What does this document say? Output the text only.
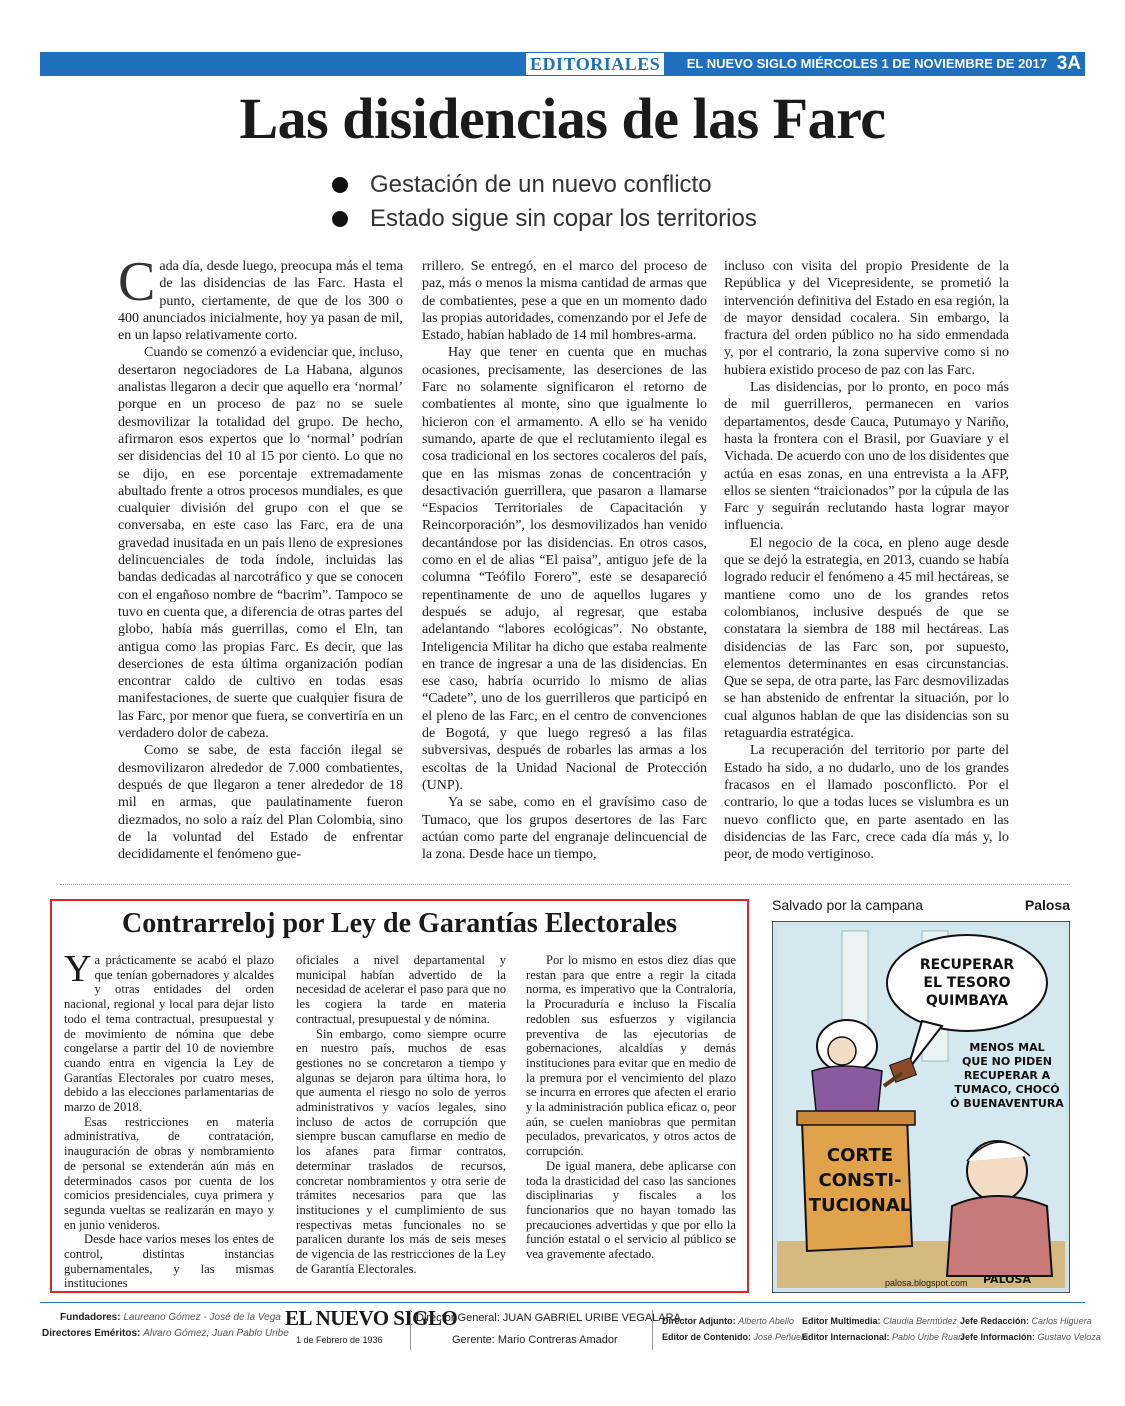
EDITORIALES	EL NUEVO SIGLO MIÉRCOLES 1 DE NOVIEMBRE DE 2017 3A
Las disidencias de las Farc
Gestación de un nuevo conflicto
Estado sigue sin copar los territorios

Cada día, desde luego, preocupa más el tema de las disidencias de las Farc. Hasta el punto, ciertamente, de que de los 300 o 400 anunciados inicialmente, hoy ya pasan de mil, en un lapso relativamente corto.

Cuando se comenzó a evidenciar que, incluso, desertaron negociadores de La Habana, algunos analistas llegaron a decir que aquello era ‘normal’ porque en un proceso de paz no se suele desmovilizar la totalidad del grupo. De hecho, afirmaron esos expertos que lo ‘normal’ podrían ser disidencias del 10 al 15 por ciento. Lo que no se dijo, en ese porcentaje extremadamente abultado frente a otros procesos mundiales, es que cualquier división del grupo con el que se conversaba, en este caso las Farc, era de una gravedad inusitada en un país lleno de expresiones delincuenciales de toda índole, incluidas las bandas dedicadas al narcotráfico y que se conocen con el engañoso nombre de “bacrim”. Tampoco se tuvo en cuenta que, a diferencia de otras partes del globo, había más guerrillas, como el Eln, tan antigua como las propias Farc. Es decir, que las deserciones de esta última organización podían encontrar caldo de cultivo en todas esas manifestaciones, de suerte que cualquier fisura de las Farc, por menor que fuera, se convertiría en un verdadero dolor de cabeza.

Como se sabe, de esta facción ilegal se desmovilizaron alrededor de 7.000 combatientes, después de que llegaron a tener alrededor de 18 mil en armas, que paulatinamente fueron diezmados, no solo a raíz del Plan Colombia, sino de la voluntad del Estado de enfrentar decididamente el fenómeno gue-

rrillero. Se entregó, en el marco del proceso de paz, más o menos la misma cantidad de armas que de combatientes, pese a que en un momento dado las propias autoridades, comenzando por el Jefe de Estado, habían hablado de 14 mil hombres-arma.

Hay que tener en cuenta que en muchas ocasiones, precisamente, las deserciones de las Farc no solamente significaron el retorno de combatientes al monte, sino que igualmente lo hicieron con el armamento. A ello se ha venido sumando, aparte de que el reclutamiento ilegal es cosa tradicional en los sectores cocaleros del país, que en las mismas zonas de concentración y desactivación guerrillera, que pasaron a llamarse “Espacios Territoriales de Capacitación y Reincorporación”, los desmovilizados han venido decantándose por las disidencias. En otros casos, como en el de alias “El paisa”, antiguo jefe de la columna “Teófilo Forero”, este se desapareció repentinamente de uno de aquellos lugares y después se adujo, al regresar, que estaba adelantando “labores ecológicas”. No obstante, Inteligencia Militar ha dicho que estaba realmente en trance de ingresar a una de las disidencias. En ese caso, habría ocurrido lo mismo de alias “Cadete”, uno de los guerrilleros que participó en el pleno de las Farc, en el centro de convenciones de Bogotá, y que luego regresó a las filas subversivas, después de robarles las armas a los escoltas de la Unidad Nacional de Protección (UNP).

Ya se sabe, como en el gravísimo caso de Tumaco, que los grupos desertores de las Farc actúan como parte del engranaje delincuencial de la zona. Desde hace un tiempo,

incluso con visita del propio Presidente de la República y del Vicepresidente, se prometió la intervención definitiva del Estado en esa región, la de mayor densidad cocalera. Sin embargo, la fractura del orden público no ha sido enmendada y, por el contrario, la zona supervive como si no hubiera existido proceso de paz con las Farc.

Las disidencias, por lo pronto, en poco más de mil guerrilleros, permanecen en varios departamentos, desde Cauca, Putumayo y Nariño, hasta la frontera con el Brasil, por Guaviare y el Vichada. De acuerdo con uno de los disidentes que actúa en esas zonas, en una entrevista a la AFP, ellos se sienten “traicionados” por la cúpula de las Farc y seguirán reclutando hasta lograr mayor influencia.

El negocio de la coca, en pleno auge desde que se dejó la estrategia, en 2013, cuando se había logrado reducir el fenómeno a 45 mil hectáreas, se mantiene como uno de los grandes retos colombianos, inclusive después de que se constatara la siembra de 188 mil hectáreas. Las disidencias de las Farc son, por supuesto, elementos determinantes en esas circunstancias. Que se sepa, de otra parte, las Farc desmovilizadas se han abstenido de enfrentar la situación, por lo cual algunos hablan de que las disidencias son su retaguardia estratégica.

La recuperación del territorio por parte del Estado ha sido, a no dudarlo, uno de los grandes fracasos en el llamado posconflicto. Por el contrario, lo que a todas luces se vislumbra es un nuevo conflicto que, en parte asentado en las disidencias de las Farc, crece cada día más y, lo peor, de modo vertiginoso.

Contrarreloj por Ley de Garantías Electorales

Ya prácticamente se acabó el plazo que tenían gobernadores y alcaldes y otras entidades del orden nacional, regional y local para dejar listo todo el tema contractual, presupuestal y de movimiento de nómina que debe congelarse a partir del 10 de noviembre cuando entra en vigencia la Ley de Garantías Electorales por cuatro meses, debido a las elecciones parlamentarias de marzo de 2018.

Esas restricciones en materia administrativa, de contratación, inauguración de obras y nombramiento de personal se extenderán aún más en determinados casos por cuenta de los comicios presidenciales, cuya primera y segunda vueltas se realizarán en mayo y en junio venideros.

Desde hace varios meses los entes de control, distintas instancias gubernamentales, y las mismas instituciones

oficiales a nivel departamental y municipal habían advertido de la necesidad de acelerar el paso para que no les cogiera la tarde en materia contractual, presupuestal y de nómina.

Sin embargo, como siempre ocurre en nuestro país, muchos de esas gestiones no se concretaron a tiempo y algunas se dejaron para última hora, lo que aumenta el riesgo no solo de yerros administrativos y vacíos legales, sino incluso de actos de corrupción que siempre buscan camuflarse en medio de los afanes para firmar contratos, determinar traslados de recursos, concretar nombramientos y otra serie de trámites necesarios para que las instituciones y el cumplimiento de sus respectivas metas funcionales no se paralicen durante los más de seis meses de vigencia de las restricciones de la Ley de Garantía Electorales.

Por lo mismo en estos diez días que restan para que entre a regir la citada norma, es imperativo que la Contraloría, la Procuraduría e incluso la Fiscalía redoblen sus esfuerzos y vigilancia preventiva de las ejecutorias de gobernaciones, alcaldías y demás instituciones para evitar que en medio de la premura por el vencimiento del plazo se incurra en errores que afecten el erario y la administración publica eficaz o, peor aún, se cuelen maniobras que permitan peculados, prevaricatos, y otros actos de corrupción.

De igual manera, debe aplicarse con toda la drasticidad del caso las sanciones disciplinarias y fiscales a los funcionarios que no hayan tomado las precauciones advertidas y que por ello la función estatal o el servicio al público se vea gravemente afectado.

Salvado por la campana	Palosa
RECUPERAR
EL TESORO
QUIMBAYA
MENOS MAL
QUE NO PIDEN
RECUPERAR A
TUMACO, CHOCÓ
Ó BUENAVENTURA
CORTE
CONSTI-
TUCIONAL
PALOSA
palosa.blogspot.com
Fundadores: Laureano Gómez - José de la Vega
Directores Eméritos: Alvaro Gómez; Juan Pablo Uribe
EL NUEVO SIGLO
1 de Febrero de 1936
Director General: JUAN GABRIEL URIBE VEGALARA
Gerente: Mario Contreras Amador
Director Adjunto: Alberto Abello
Editor de Contenido: José Peñuela
Editor Multimedia: Claudia Bermúdez
Editor Internacional: Pablo Uribe Ruan
Jefe Redacción: Carlos Higuera
Jefe Información: Gustavo Veloza
